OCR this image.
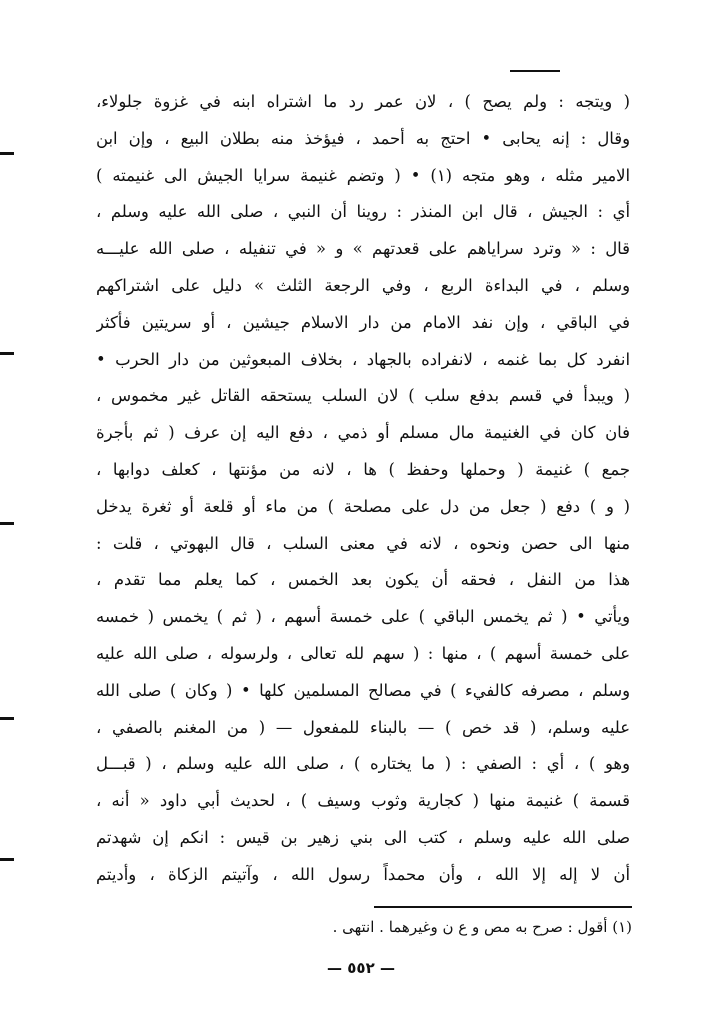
( ويتجه : ولم يصح ) ، لان عمر رد ما اشتراه ابنه في غزوة جلولاء،
وقال : إنه يحابى • احتج به أحمد ، فيؤخذ منه بطلان البيع ، وإن ابن
الامير مثله ، وهو متجه (١) • ( وتضم غنيمة سرايا الجيش الى غنيمته )
أي : الجيش ، قال ابن المنذر : روينا أن النبي ، صلى الله عليه وسلم ،
قال : « وترد سراياهم على قعدتهم » و « في تنفيله ، صلى الله عليـــه
وسلم ، في البداءة الربع ، وفي الرجعة الثلث » دليل على اشتراكهم
في الباقي ، وإن نفد الامام من دار الاسلام جيشين ، أو سريتين فأكثر
انفرد كل بما غنمه ، لانفراده بالجهاد ، بخلاف المبعوثين من دار الحرب •
( ويبدأ في قسم بدفع سلب ) لان السلب يستحقه القاتل غير مخموس ،
فان كان في الغنيمة مال مسلم أو ذمي ، دفع اليه إن عرف ( ثم بأجرة
جمع ) غنيمة ( وحملها وحفظ ) ها ، لانه من مؤنتها ، كعلف دوابها ،
( و ) دفع ( جعل من دل على مصلحة ) من ماء أو قلعة أو ثغرة يدخل
منها الى حصن ونحوه ، لانه في معنى السلب ، قال البهوتي ، قلت :
هذا من النفل ، فحقه أن يكون بعد الخمس ، كما يعلم مما تقدم ،
ويأتي • ( ثم يخمس الباقي ) على خمسة أسهم ، ( ثم ) يخمس ( خمسه
على خمسة أسهم ) ، منها : ( سهم لله تعالى ، ولرسوله ، صلى الله عليه
وسلم ، مصرفه كالفيء ) في مصالح المسلمين كلها • ( وكان ) صلى الله
عليه وسلم، ( قد خص ) — بالبناء للمفعول — ( من المغنم بالصفي ،
وهو ) ، أي : الصفي : ( ما يختاره ) ، صلى الله عليه وسلم ، ( قبـــل
قسمة ) غنيمة منها ( كجارية وثوب وسيف ) ، لحديث أبي داود « أنه ،
صلى الله عليه وسلم ، كتب الى بني زهير بن قيس : انكم إن شهدتم
أن لا إله إلا الله ، وأن محمداً رسول الله ، وآتيتم الزكاة ، وأديتم
(١) أقول : صرح به م‍ص و ع ن وغيرهما . انتهى .
— ٥٥٢ —
